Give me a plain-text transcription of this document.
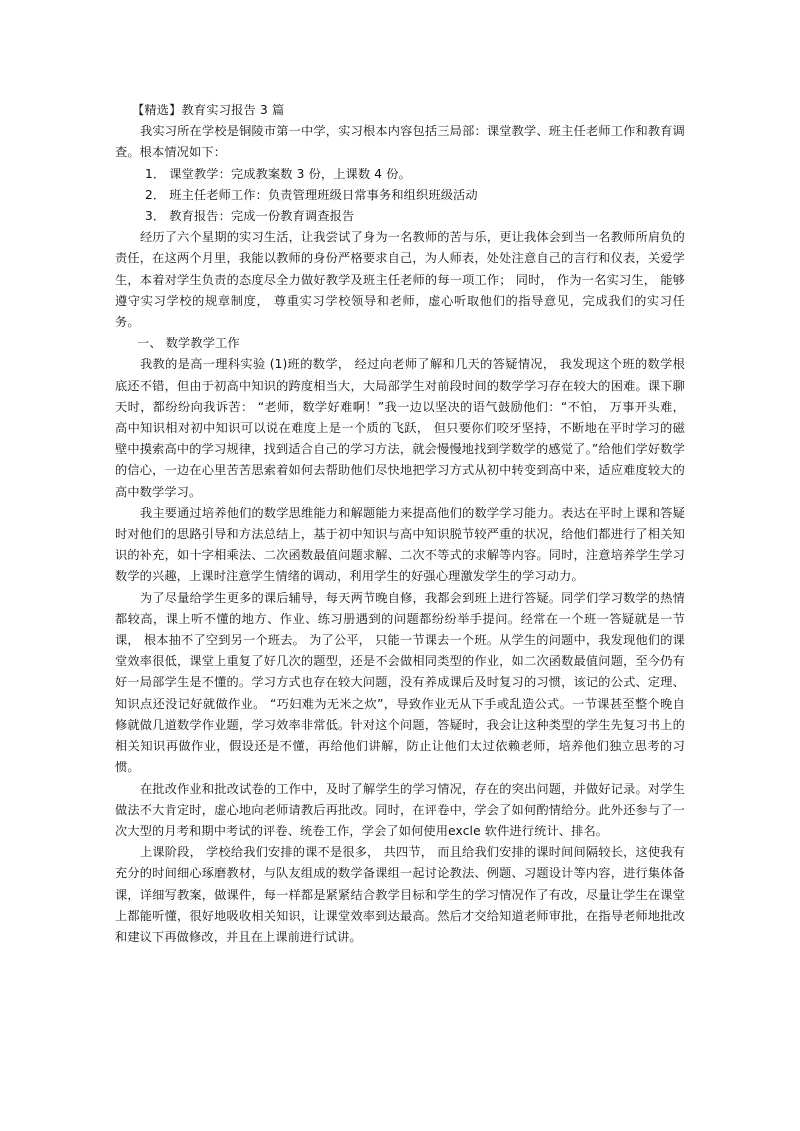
【精选】教育实习报告 3 篇

我实习所在学校是铜陵市第一中学，实习根本内容包括三局部：课堂教学、班主任老师工作和教育调查。根本情况如下：

1． 课堂教学：完成教案数 3 份，上课数 4 份。

2． 班主任老师工作：负责管理班级日常事务和组织班级活动

3． 教育报告：完成一份教育调查报告

经历了六个星期的实习生活，让我尝试了身为一名教师的苦与乐，更让我体会到当一名教师所肩负的责任，在这两个月里，我能以教师的身份严格要求自己，为人师表，处处注意自己的言行和仪表，关爱学生，本着对学生负责的态度尽全力做好教学及班主任老师的每一项工作； 同时， 作为一名实习生， 能够遵守实习学校的规章制度， 尊重实习学校领导和老师，虚心听取他们的指导意见，完成我们的实习任务。

一、 数学教学工作

我教的是高一理科实验 (1)班的数学， 经过向老师了解和几天的答疑情况， 我发现这个班的数学根底还不错，但由于初高中知识的跨度相当大，大局部学生对前段时间的数学学习存在较大的困难。课下聊天时，都纷纷向我诉苦： “老师，数学好难啊！”我一边以坚决的语气鼓励他们：“不怕， 万事开头难， 高中知识相对初中知识可以说在难度上是一个质的飞跃， 但只要你们咬牙坚持，不断地在平时学习的磁壁中摸索高中的学习规律，找到适合自己的学习方法，就会慢慢地找到学数学的感觉了。”给他们学好数学的信心，一边在心里苦苦思索着如何去帮助他们尽快地把学习方式从初中转变到高中来，适应难度较大的高中数学学习。

我主要通过培养他们的数学思维能力和解题能力来提高他们的数学学习能力。表达在平时上课和答疑时对他们的思路引导和方法总结上，基于初中知识与高中知识脱节较严重的状况，给他们都进行了相关知识的补充，如十字相乘法、二次函数最值问题求解、二次不等式的求解等内容。同时，注意培养学生学习数学的兴趣，上课时注意学生情绪的调动，利用学生的好强心理激发学生的学习动力。

为了尽量给学生更多的课后辅导，每天两节晚自修，我都会到班上进行答疑。同学们学习数学的热情都较高，课上听不懂的地方、作业、练习册遇到的问题都纷纷举手提问。经常在一个班一答疑就是一节课， 根本抽不了空到另一个班去。 为了公平， 只能一节课去一个班。从学生的问题中，我发现他们的课堂效率很低，课堂上重复了好几次的题型，还是不会做相同类型的作业，如二次函数最值问题，至今仍有好一局部学生是不懂的。学习方式也存在较大问题，没有养成课后及时复习的习惯，该记的公式、定理、知识点还没记好就做作业。 “巧妇难为无米之炊”，导致作业无从下手或乱造公式。一节课甚至整个晚自修就做几道数学作业题，学习效率非常低。针对这个问题，答疑时，我会让这种类型的学生先复习书上的相关知识再做作业，假设还是不懂，再给他们讲解，防止让他们太过依赖老师，培养他们独立思考的习惯。

在批改作业和批改试卷的工作中，及时了解学生的学习情况，存在的突出问题，并做好记录。对学生做法不大肯定时，虚心地向老师请教后再批改。同时，在评卷中，学会了如何酌情给分。此外还参与了一次大型的月考和期中考试的评卷、统卷工作，学会了如何使用excle 软件进行统计、排名。

上课阶段， 学校给我们安排的课不是很多， 共四节， 而且给我们安排的课时间间隔较长，这使我有充分的时间细心琢磨教材，与队友组成的数学备课组一起讨论教法、例题、习题设计等内容，进行集体备课，详细写教案，做课件，每一样都是紧紧结合教学目标和学生的学习情况作了有改，尽量让学生在课堂上都能听懂，很好地吸收相关知识，让课堂效率到达最高。然后才交给知道老师审批，在指导老师地批改和建议下再做修改，并且在上课前进行试讲。
